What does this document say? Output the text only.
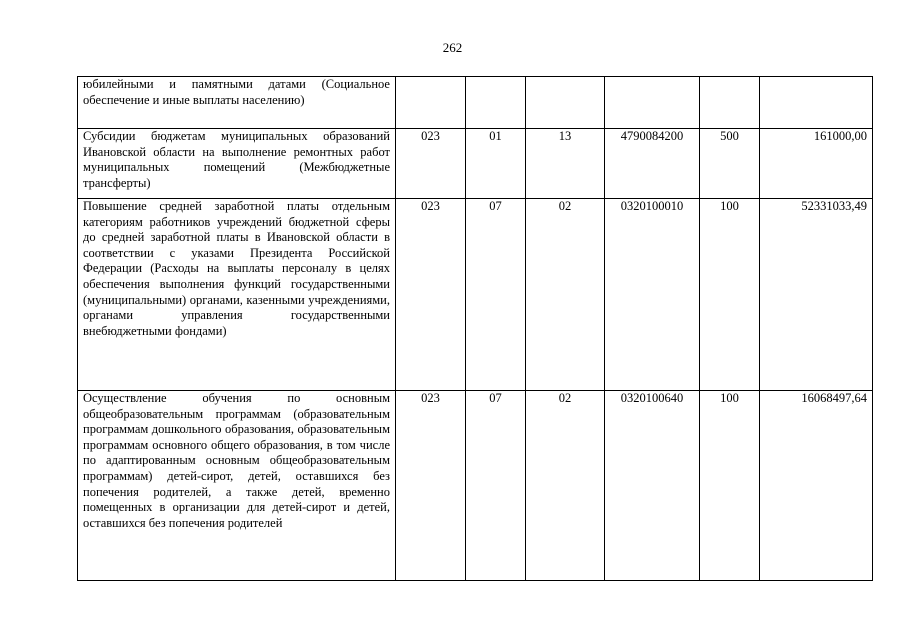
262
юбилейными и памятными датами (Социальное обеспечение и иные выплаты населению)						
Субсидии бюджетам муниципальных образований Ивановской области на выполнение ремонтных работ муниципальных помещений (Межбюджетные трансферты)	023	01	13	4790084200	500	161000,00
Повышение средней заработной платы отдельным категориям работников учреждений бюджетной сферы до средней заработной платы в Ивановской области в соответствии с указами Президента Российской Федерации (Расходы на выплаты персоналу в целях обеспечения выполнения функций государственными (муниципальными) органами, казенными учреждениями, органами управления государственными внебюджетными фондами)	023	07	02	0320100010	100	52331033,49
Осуществление обучения по основным общеобразовательным программам (образовательным программам дошкольного образования, образовательным программам основного общего образования, в том числе по адаптированным основным общеобразовательным программам) детей-сирот, детей, оставшихся без попечения родителей, а также детей, временно помещенных в организации для детей-сирот и детей, оставшихся без попечения родителей	023	07	02	0320100640	100	16068497,64
